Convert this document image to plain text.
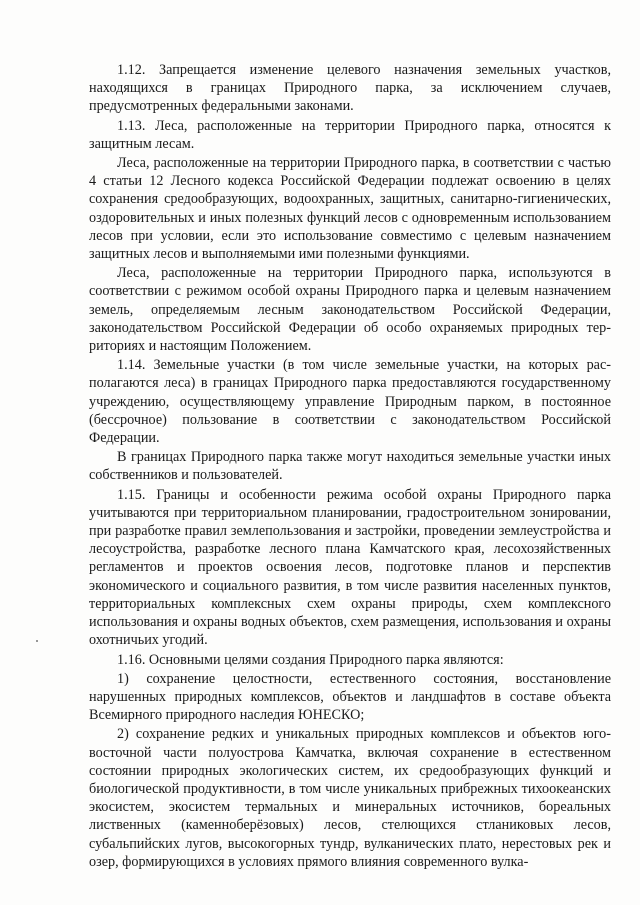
1.12. Запрещается изменение целевого назначения земельных участков, находящихся в границах Природного парка, за исключением случаев, предусмотренных федеральными законами.

1.13. Леса, расположенные на территории Природного парка, относятся к защитным лесам.

Леса, расположенные на территории Природного парка, в соответствии с частью 4 статьи 12 Лесного кодекса Российской Федерации подлежат освоению в целях сохранения средообразующих, водоохранных, защитных, санитарно-гигиенических, оздоровительных и иных полезных функций лесов с одновременным использованием лесов при условии, если это использование совместимо с целевым назначением защитных лесов и выполняемыми ими полезными функциями.

Леса, расположенные на территории Природного парка, используются в соответствии с режимом особой охраны Природного парка и целевым назначением земель, определяемым лесным законодательством Российской Федерации, законодательством Российской Федерации об особо охраняемых природных территориях и настоящим Положением.

1.14. Земельные участки (в том числе земельные участки, на которых располагаются леса) в границах Природного парка предоставляются государственному учреждению, осуществляющему управление Природным парком, в постоянное (бессрочное) пользование в соответствии с законодательством Российской Федерации.

В границах Природного парка также могут находиться земельные участки иных собственников и пользователей.

1.15. Границы и особенности режима особой охраны Природного парка учитываются при территориальном планировании, градостроительном зонировании, при разработке правил землепользования и застройки, проведении землеустройства и лесоустройства, разработке лесного плана Камчатского края, лесохозяйственных регламентов и проектов освоения лесов, подготовке планов и перспектив экономического и социального развития, в том числе развития населенных пунктов, территориальных комплексных схем охраны природы, схем комплексного использования и охраны водных объектов, схем размещения, использования и охраны охотничьих угодий.

1.16. Основными целями создания Природного парка являются:

1) сохранение целостности, естественного состояния, восстановление нарушенных природных комплексов, объектов и ландшафтов в составе объекта Всемирного природного наследия ЮНЕСКО;

2) сохранение редких и уникальных природных комплексов и объектов юго-восточной части полуострова Камчатка, включая сохранение в естественном состоянии природных экологических систем, их средообразующих функций и биологической продуктивности, в том числе уникальных прибрежных тихоокеанских экосистем, экосистем термальных и минеральных источников, бореальных лиственных (каменноберёзовых) лесов, стелющихся стланиковых лесов, субальпийских лугов, высокогорных тундр, вулканических плато, нерестовых рек и озер, формирующихся в условиях прямого влияния современного вулка-
